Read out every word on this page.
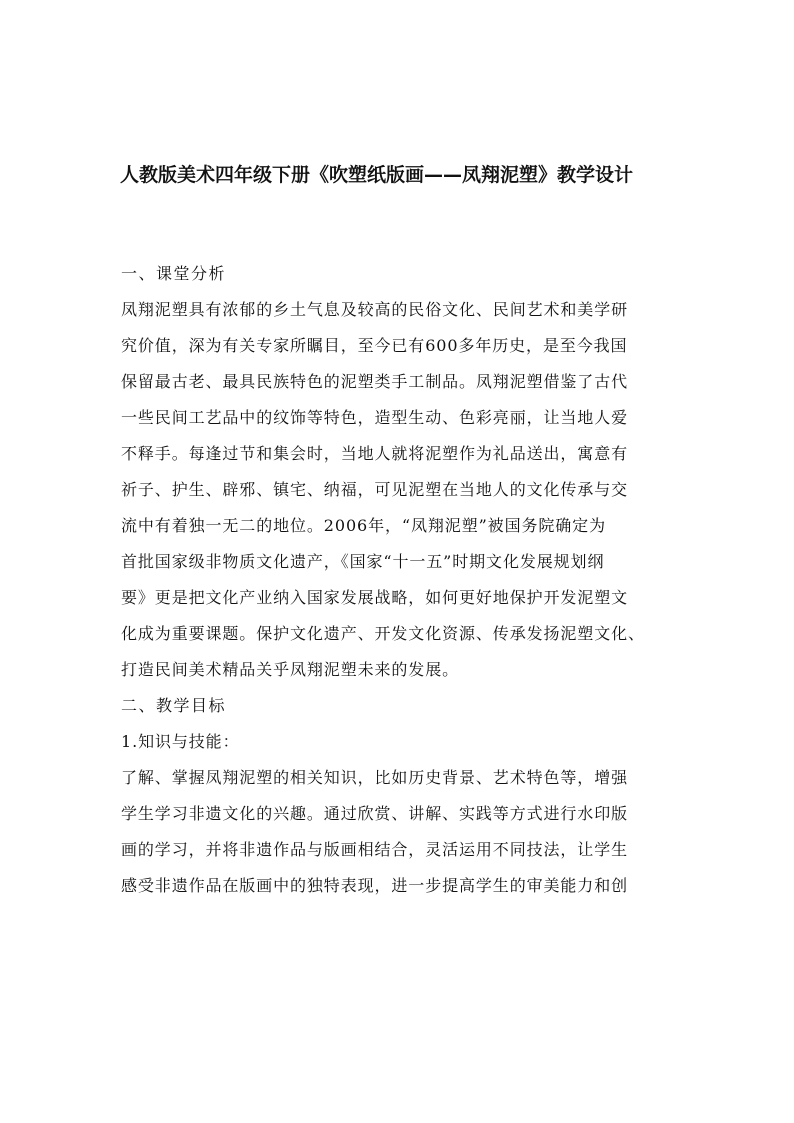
人教版美术四年级下册《吹塑纸版画——凤翔泥塑》教学设计
一、课堂分析
凤翔泥塑具有浓郁的乡土气息及较高的民俗文化、民间艺术和美学研
究价值，深为有关专家所瞩目，至今已有600多年历史，是至今我国
保留最古老、最具民族特色的泥塑类手工制品。凤翔泥塑借鉴了古代
一些民间工艺品中的纹饰等特色，造型生动、色彩亮丽，让当地人爱
不释手。每逢过节和集会时，当地人就将泥塑作为礼品送出，寓意有
祈子、护生、辟邪、镇宅、纳福，可见泥塑在当地人的文化传承与交
流中有着独一无二的地位。2006年，“凤翔泥塑”被国务院确定为
首批国家级非物质文化遗产，《国家“十一五”时期文化发展规划纲
要》更是把文化产业纳入国家发展战略，如何更好地保护开发泥塑文
化成为重要课题。保护文化遗产、开发文化资源、传承发扬泥塑文化、
打造民间美术精品关乎凤翔泥塑未来的发展。
二、教学目标
1.知识与技能：
了解、掌握凤翔泥塑的相关知识，比如历史背景、艺术特色等，增强
学生学习非遗文化的兴趣。通过欣赏、讲解、实践等方式进行水印版
画的学习，并将非遗作品与版画相结合，灵活运用不同技法，让学生
感受非遗作品在版画中的独特表现，进一步提高学生的审美能力和创
